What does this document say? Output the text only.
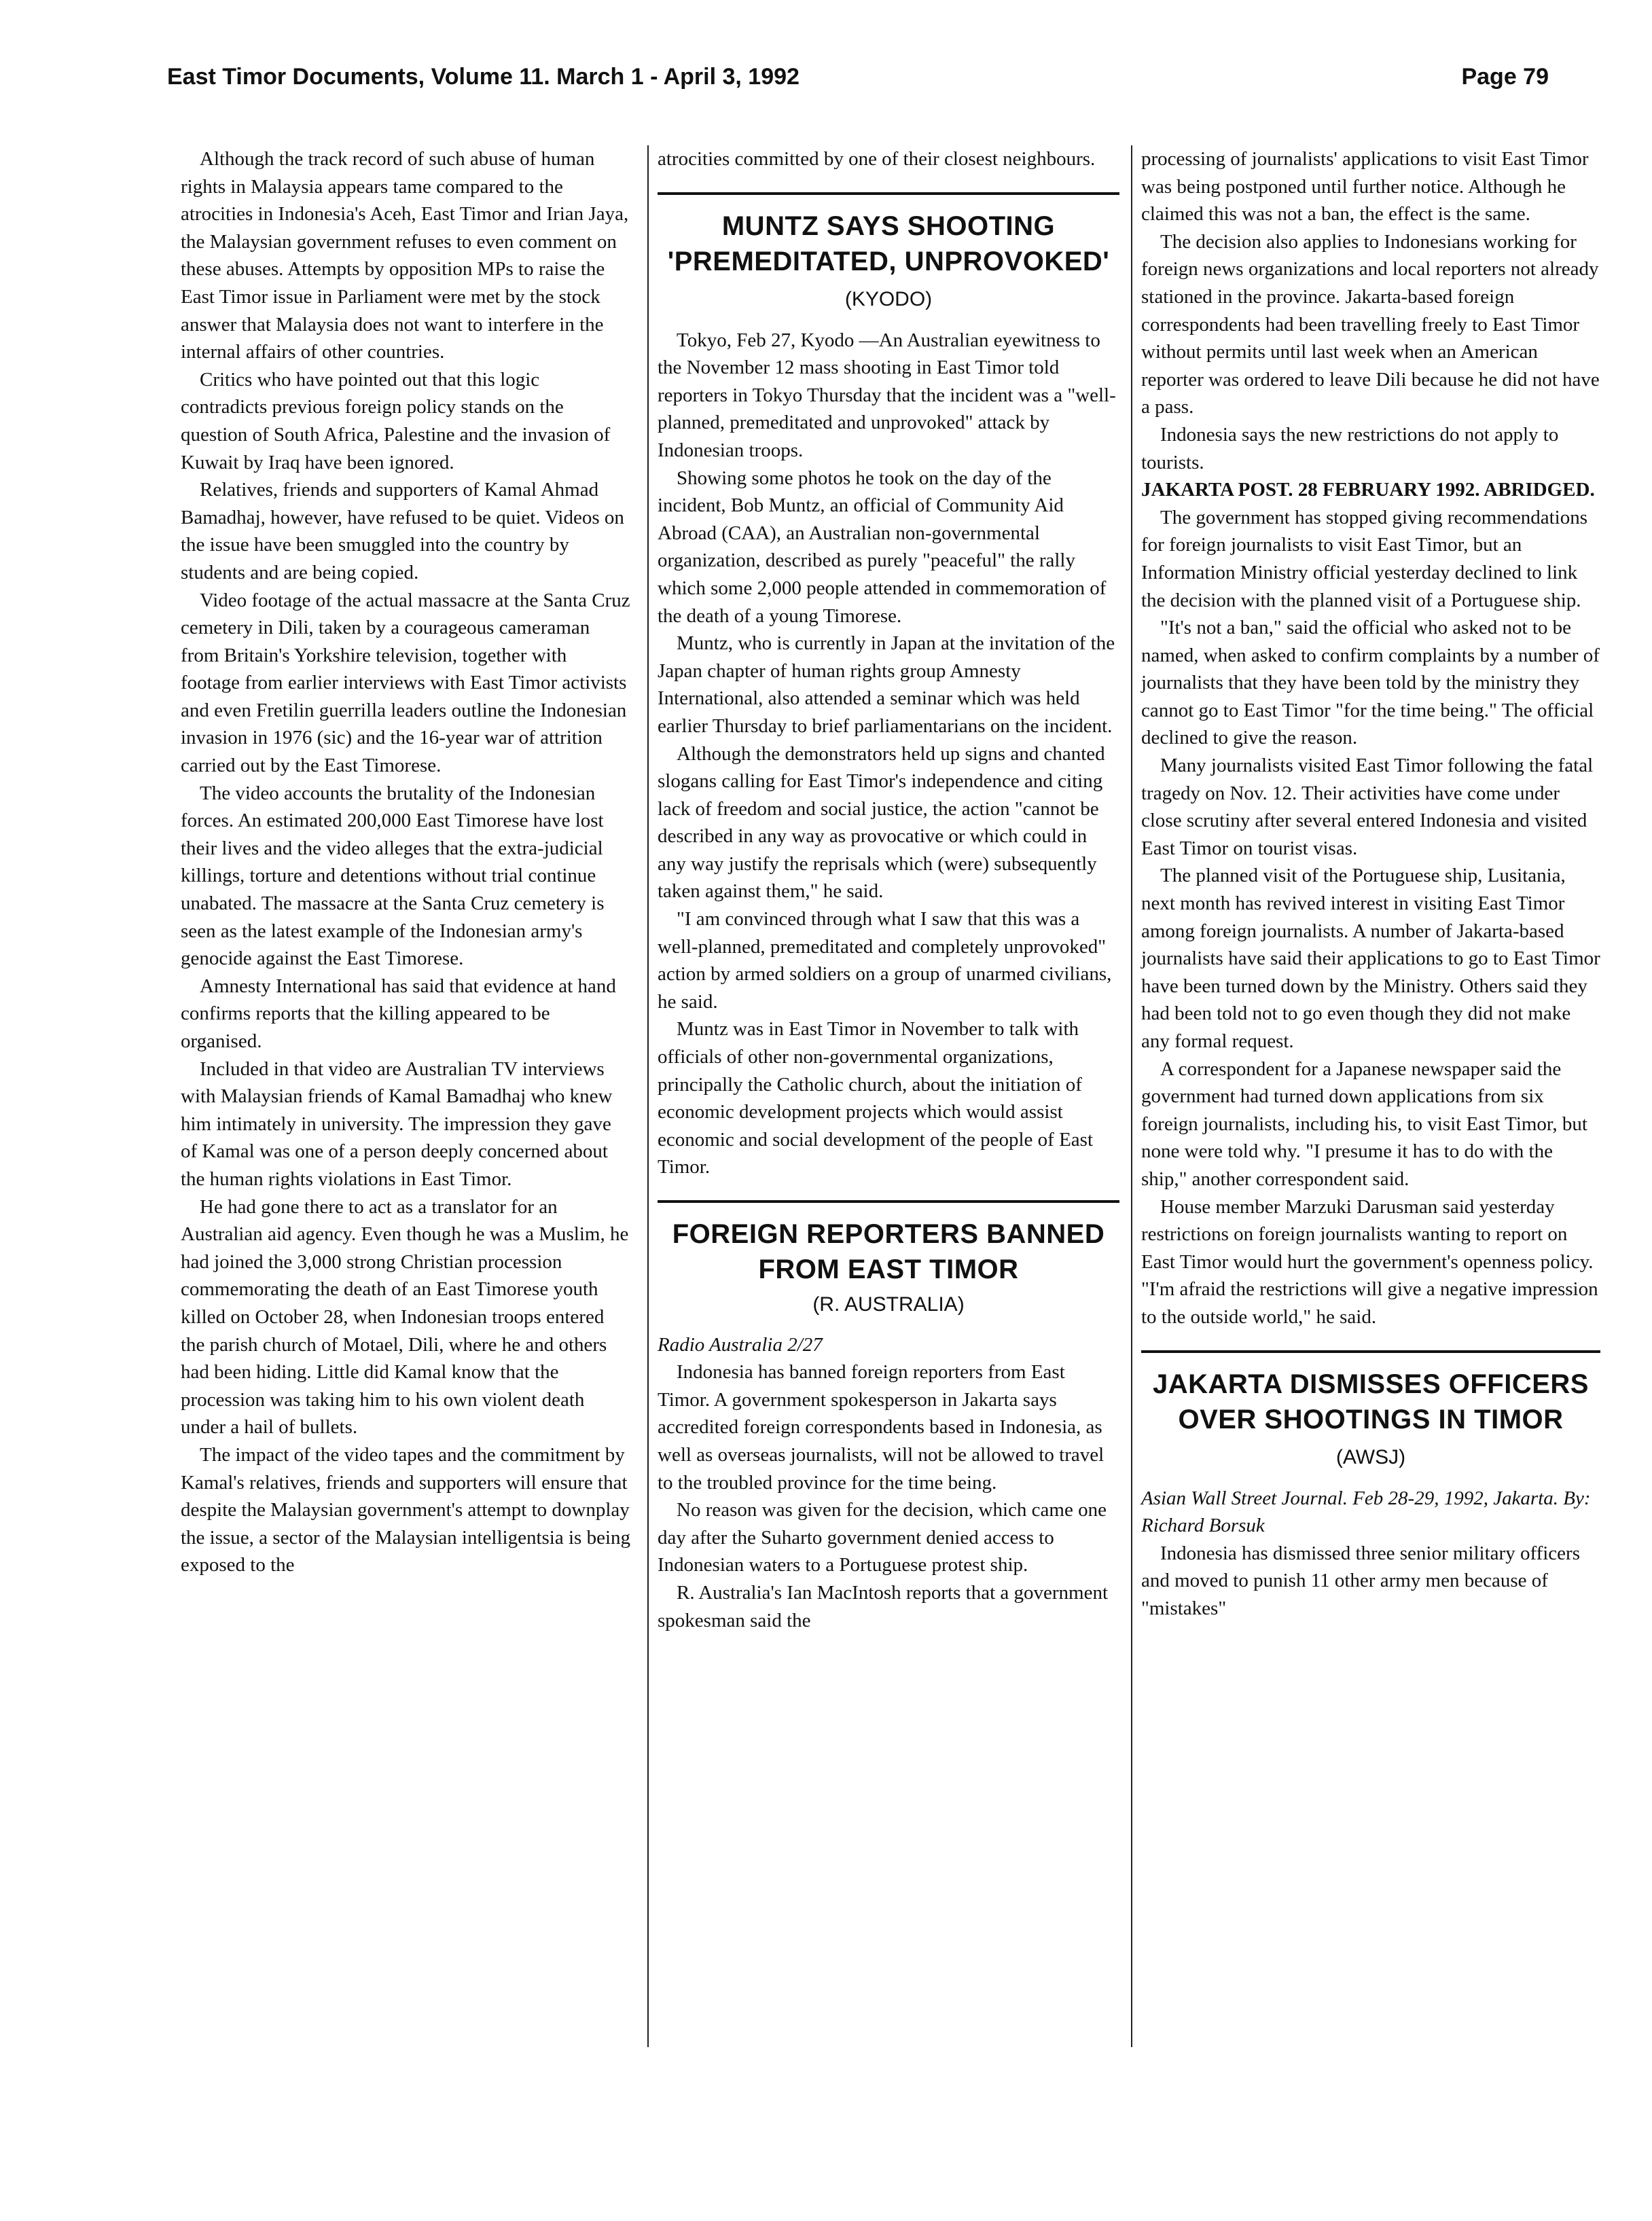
East Timor Documents, Volume 11. March 1 - April 3, 1992	Page 79

Although the track record of such abuse of human rights in Malaysia appears tame compared to the atrocities in Indonesia's Aceh, East Timor and Irian Jaya, the Malaysian government refuses to even comment on these abuses. Attempts by opposition MPs to raise the East Timor issue in Parliament were met by the stock answer that Malaysia does not want to interfere in the internal affairs of other countries.

Critics who have pointed out that this logic contradicts previous foreign policy stands on the question of South Africa, Palestine and the invasion of Kuwait by Iraq have been ignored.

Relatives, friends and supporters of Kamal Ahmad Bamadhaj, however, have refused to be quiet. Videos on the issue have been smuggled into the country by students and are being copied.

Video footage of the actual massacre at the Santa Cruz cemetery in Dili, taken by a courageous cameraman from Britain's Yorkshire television, together with footage from earlier interviews with East Timor activists and even Fretilin guerrilla leaders outline the Indonesian invasion in 1976 (sic) and the 16-year war of attrition carried out by the East Timorese.

The video accounts the brutality of the Indonesian forces. An estimated 200,000 East Timorese have lost their lives and the video alleges that the extra-judicial killings, torture and detentions without trial continue unabated. The massacre at the Santa Cruz cemetery is seen as the latest example of the Indonesian army's genocide against the East Timorese.

Amnesty International has said that evidence at hand confirms reports that the killing appeared to be organised.

Included in that video are Australian TV interviews with Malaysian friends of Kamal Bamadhaj who knew him intimately in university. The impression they gave of Kamal was one of a person deeply concerned about the human rights violations in East Timor.

He had gone there to act as a translator for an Australian aid agency. Even though he was a Muslim, he had joined the 3,000 strong Christian procession commemorating the death of an East Timorese youth killed on October 28, when Indonesian troops entered the parish church of Motael, Dili, where he and others had been hiding. Little did Kamal know that the procession was taking him to his own violent death under a hail of bullets.

The impact of the video tapes and the commitment by Kamal's relatives, friends and supporters will ensure that despite the Malaysian government's attempt to downplay the issue, a sector of the Malaysian intelligentsia is being exposed to the

atrocities committed by one of their closest neighbours.

MUNTZ SAYS SHOOTING 'PREMEDITATED, UNPROVOKED' (KYODO)

Tokyo, Feb 27, Kyodo —An Australian eyewitness to the November 12 mass shooting in East Timor told reporters in Tokyo Thursday that the incident was a "well-planned, premeditated and unprovoked" attack by Indonesian troops.

Showing some photos he took on the day of the incident, Bob Muntz, an official of Community Aid Abroad (CAA), an Australian non-governmental organization, described as purely "peaceful" the rally which some 2,000 people attended in commemoration of the death of a young Timorese.

Muntz, who is currently in Japan at the invitation of the Japan chapter of human rights group Amnesty International, also attended a seminar which was held earlier Thursday to brief parliamentarians on the incident.

Although the demonstrators held up signs and chanted slogans calling for East Timor's independence and citing lack of freedom and social justice, the action "cannot be described in any way as provocative or which could in any way justify the reprisals which (were) subsequently taken against them," he said.

"I am convinced through what I saw that this was a well-planned, premeditated and completely unprovoked" action by armed soldiers on a group of unarmed civilians, he said.

Muntz was in East Timor in November to talk with officials of other non-governmental organizations, principally the Catholic church, about the initiation of economic development projects which would assist economic and social development of the people of East Timor.

FOREIGN REPORTERS BANNED FROM EAST TIMOR
(R. AUSTRALIA)

Radio Australia 2/27

Indonesia has banned foreign reporters from East Timor. A government spokesperson in Jakarta says accredited foreign correspondents based in Indonesia, as well as overseas journalists, will not be allowed to travel to the troubled province for the time being.

No reason was given for the decision, which came one day after the Suharto government denied access to Indonesian waters to a Portuguese protest ship.

R. Australia's Ian MacIntosh reports that a government spokesman said the

processing of journalists' applications to visit East Timor was being postponed until further notice. Although he claimed this was not a ban, the effect is the same.

The decision also applies to Indonesians working for foreign news organizations and local reporters not already stationed in the province. Jakarta-based foreign correspondents had been travelling freely to East Timor without permits until last week when an American reporter was ordered to leave Dili because he did not have a pass.

Indonesia says the new restrictions do not apply to tourists.

JAKARTA POST. 28 FEBRUARY 1992. ABRIDGED.

The government has stopped giving recommendations for foreign journalists to visit East Timor, but an Information Ministry official yesterday declined to link the decision with the planned visit of a Portuguese ship.

"It's not a ban," said the official who asked not to be named, when asked to confirm complaints by a number of journalists that they have been told by the ministry they cannot go to East Timor "for the time being." The official declined to give the reason.

Many journalists visited East Timor following the fatal tragedy on Nov. 12. Their activities have come under close scrutiny after several entered Indonesia and visited East Timor on tourist visas.

The planned visit of the Portuguese ship, Lusitania, next month has revived interest in visiting East Timor among foreign journalists. A number of Jakarta-based journalists have said their applications to go to East Timor have been turned down by the Ministry. Others said they had been told not to go even though they did not make any formal request.

A correspondent for a Japanese newspaper said the government had turned down applications from six foreign journalists, including his, to visit East Timor, but none were told why. "I presume it has to do with the ship," another correspondent said.

House member Marzuki Darusman said yesterday restrictions on foreign journalists wanting to report on East Timor would hurt the government's openness policy. "I'm afraid the restrictions will give a negative impression to the outside world," he said.

JAKARTA DISMISSES OFFICERS OVER SHOOTINGS IN TIMOR (AWSJ)

Asian Wall Street Journal. Feb 28-29, 1992, Jakarta. By: Richard Borsuk

Indonesia has dismissed three senior military officers and moved to punish 11 other army men because of "mistakes"
